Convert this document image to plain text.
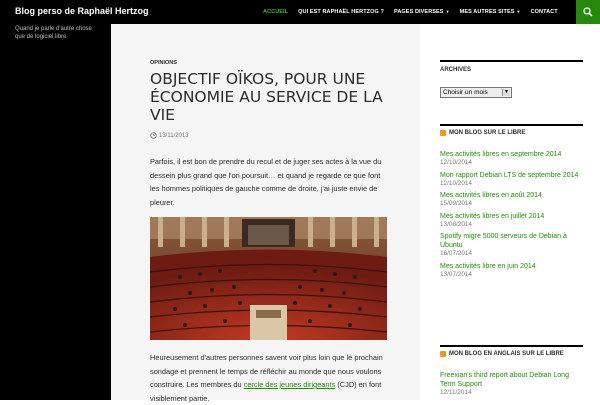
Blog perso de Raphaël Hertzog	ACCUEIL	QUI EST RAPHAËL HERTZOG ?	PAGES DIVERSES ▼	MES AUTRES SITES ▼	CONTACT
Quand je parle d'autre chose que de logiciel libre
OPINIONS
OBJECTIF OÏKOS, POUR UNE ÉCONOMIE AU SERVICE DE LA VIE
13/11/2013

Parfois, il est bon de prendre du recul et de juger ses actes à la vue du dessein plus grand que l'on poursuit… et quand je regarde ce que font les hommes politiques de gauche comme de droite, j'ai juste envie de pleurer.

Heureusement d'autres personnes savent voir plus loin que le prochain sondage et prennent le temps de réfléchir au monde que nous voulons construire. Les membres du cercle des jeunes dirigeants (CJD) en font visiblement partie.

ARCHIVES
Choisir un mois	▼
MON BLOG SUR LE LIBRE
Mes activités libres en septembre 2014
12/10/2014
Mon rapport Debian LTS de septembre 2014
12/10/2014
Mes activités libres en août 2014
15/09/2014
Mes activités libres en juillet 2014
13/08/2014
Spotify migre 5000 serveurs de Debian à Ubuntu
16/07/2014
Mes activités libre en juin 2014
13/07/2014
MON BLOG EN ANGLAIS SUR LE LIBRE
Freexian's third report about Debian Long Term Support
12/11/2014
